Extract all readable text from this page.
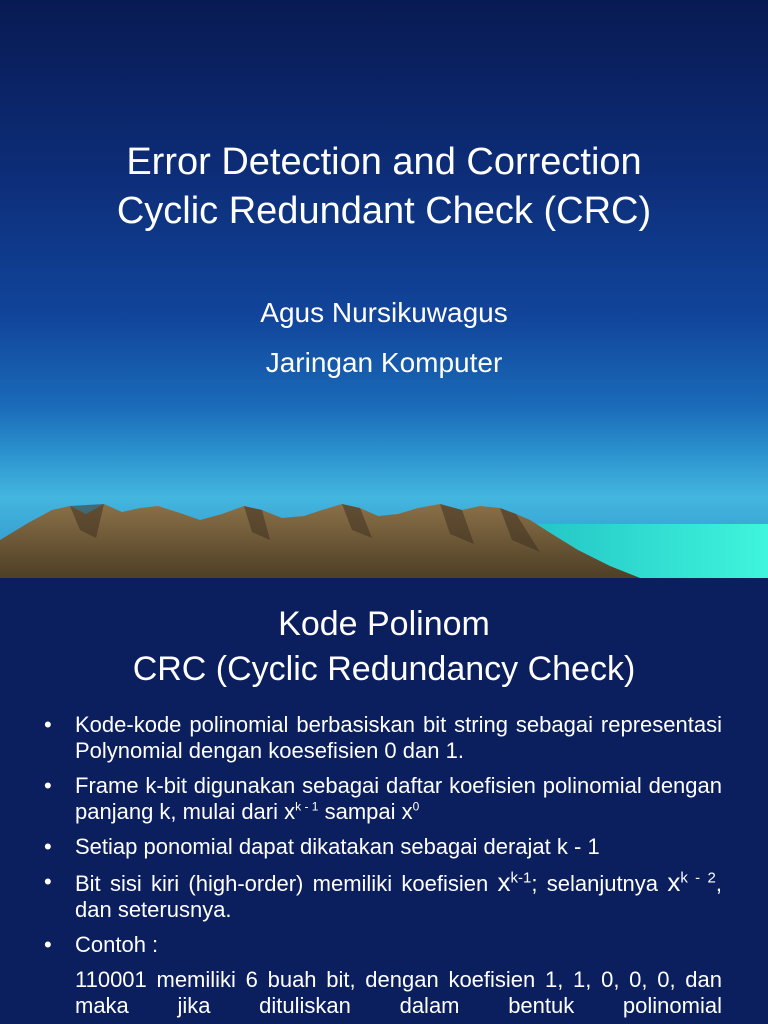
Error Detection and Correction
Cyclic Redundant Check (CRC)
Agus Nursikuwagus
Jaringan Komputer
Kode Polinom
CRC (Cyclic Redundancy Check)
• Kode-kode polinomial berbasiskan bit string sebagai representasi Polynomial dengan koesefisien 0 dan 1.
• Frame k-bit digunakan sebagai daftar koefisien polinomial dengan panjang k, mulai dari $x^{k - 1}$ sampai $x^0$
• Setiap ponomial dapat dikatakan sebagai derajat k - 1
• Bit sisi kiri (high-order) memiliki koefisien $x^{k-1}$; selanjutnya $x^{k - 2}$, dan seterusnya.
• Contoh :
110001 memiliki 6 buah bit, dengan koefisien 1, 1, 0, 0, 0, dan maka jika dituliskan dalam bentuk polinomial
